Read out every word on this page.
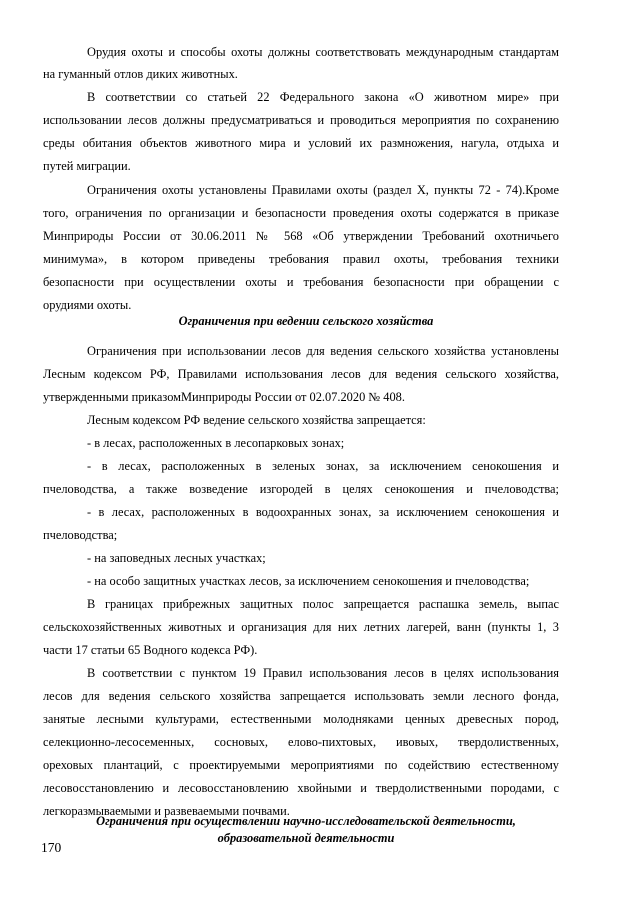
Орудия охоты и способы охоты должны соответствовать международным стандартам
на гуманный отлов диких животных.
В соответствии со статьей 22 Федерального закона «О животном мире» при
использовании лесов должны предусматриваться и проводиться мероприятия по сохранению
среды обитания объектов животного мира и условий их размножения, нагула, отдыха и
путей миграции.
Ограничения охоты установлены Правилами охоты (раздел X, пункты 72 - 74).Кроме
того, ограничения по организации и безопасности проведения охоты содержатся в приказе
Минприроды России от 30.06.2011 № 568 «Об утверждении Требований охотничьего
минимума», в котором приведены требования правил охоты, требования техники
безопасности при осуществлении охоты и требования безопасности при обращении с
орудиями охоты.
Ограничения при ведении сельского хозяйства
Ограничения при использовании лесов для ведения сельского хозяйства установлены
Лесным кодексом РФ, Правилами использования лесов для ведения сельского хозяйства,
утвержденными приказомМинприроды России от 02.07.2020 № 408.
Лесным кодексом РФ ведение сельского хозяйства запрещается:
- в лесах, расположенных в лесопарковых зонах;
- в лесах, расположенных в зеленых зонах, за исключением сенокошения и
пчеловодства, а также возведение изгородей в целях сенокошения и пчеловодства;
- в лесах, расположенных в водоохранных зонах, за исключением сенокошения и
пчеловодства;
- на заповедных лесных участках;
- на особо защитных участках лесов, за исключением сенокошения и пчеловодства;
В границах прибрежных защитных полос запрещается распашка земель, выпас
сельскохозяйственных животных и организация для них летних лагерей, ванн (пункты 1, 3
части 17 статьи 65 Водного кодекса РФ).
В соответствии с пунктом 19 Правил использования лесов в целях использования
лесов для ведения сельского хозяйства запрещается использовать земли лесного фонда,
занятые лесными культурами, естественными молодняками ценных древесных пород,
селекционно-лесосеменных, сосновых, елово-пихтовых, ивовых, твердолиственных,
ореховых плантаций, с проектируемыми мероприятиями по содействию естественному
лесовосстановлению и лесовосстановлению хвойными и твердолиственными породами, с
легкоразмываемыми и развеваемыми почвами.
Ограничения при осуществлении научно-исследовательской деятельности,
образовательной деятельности
170
